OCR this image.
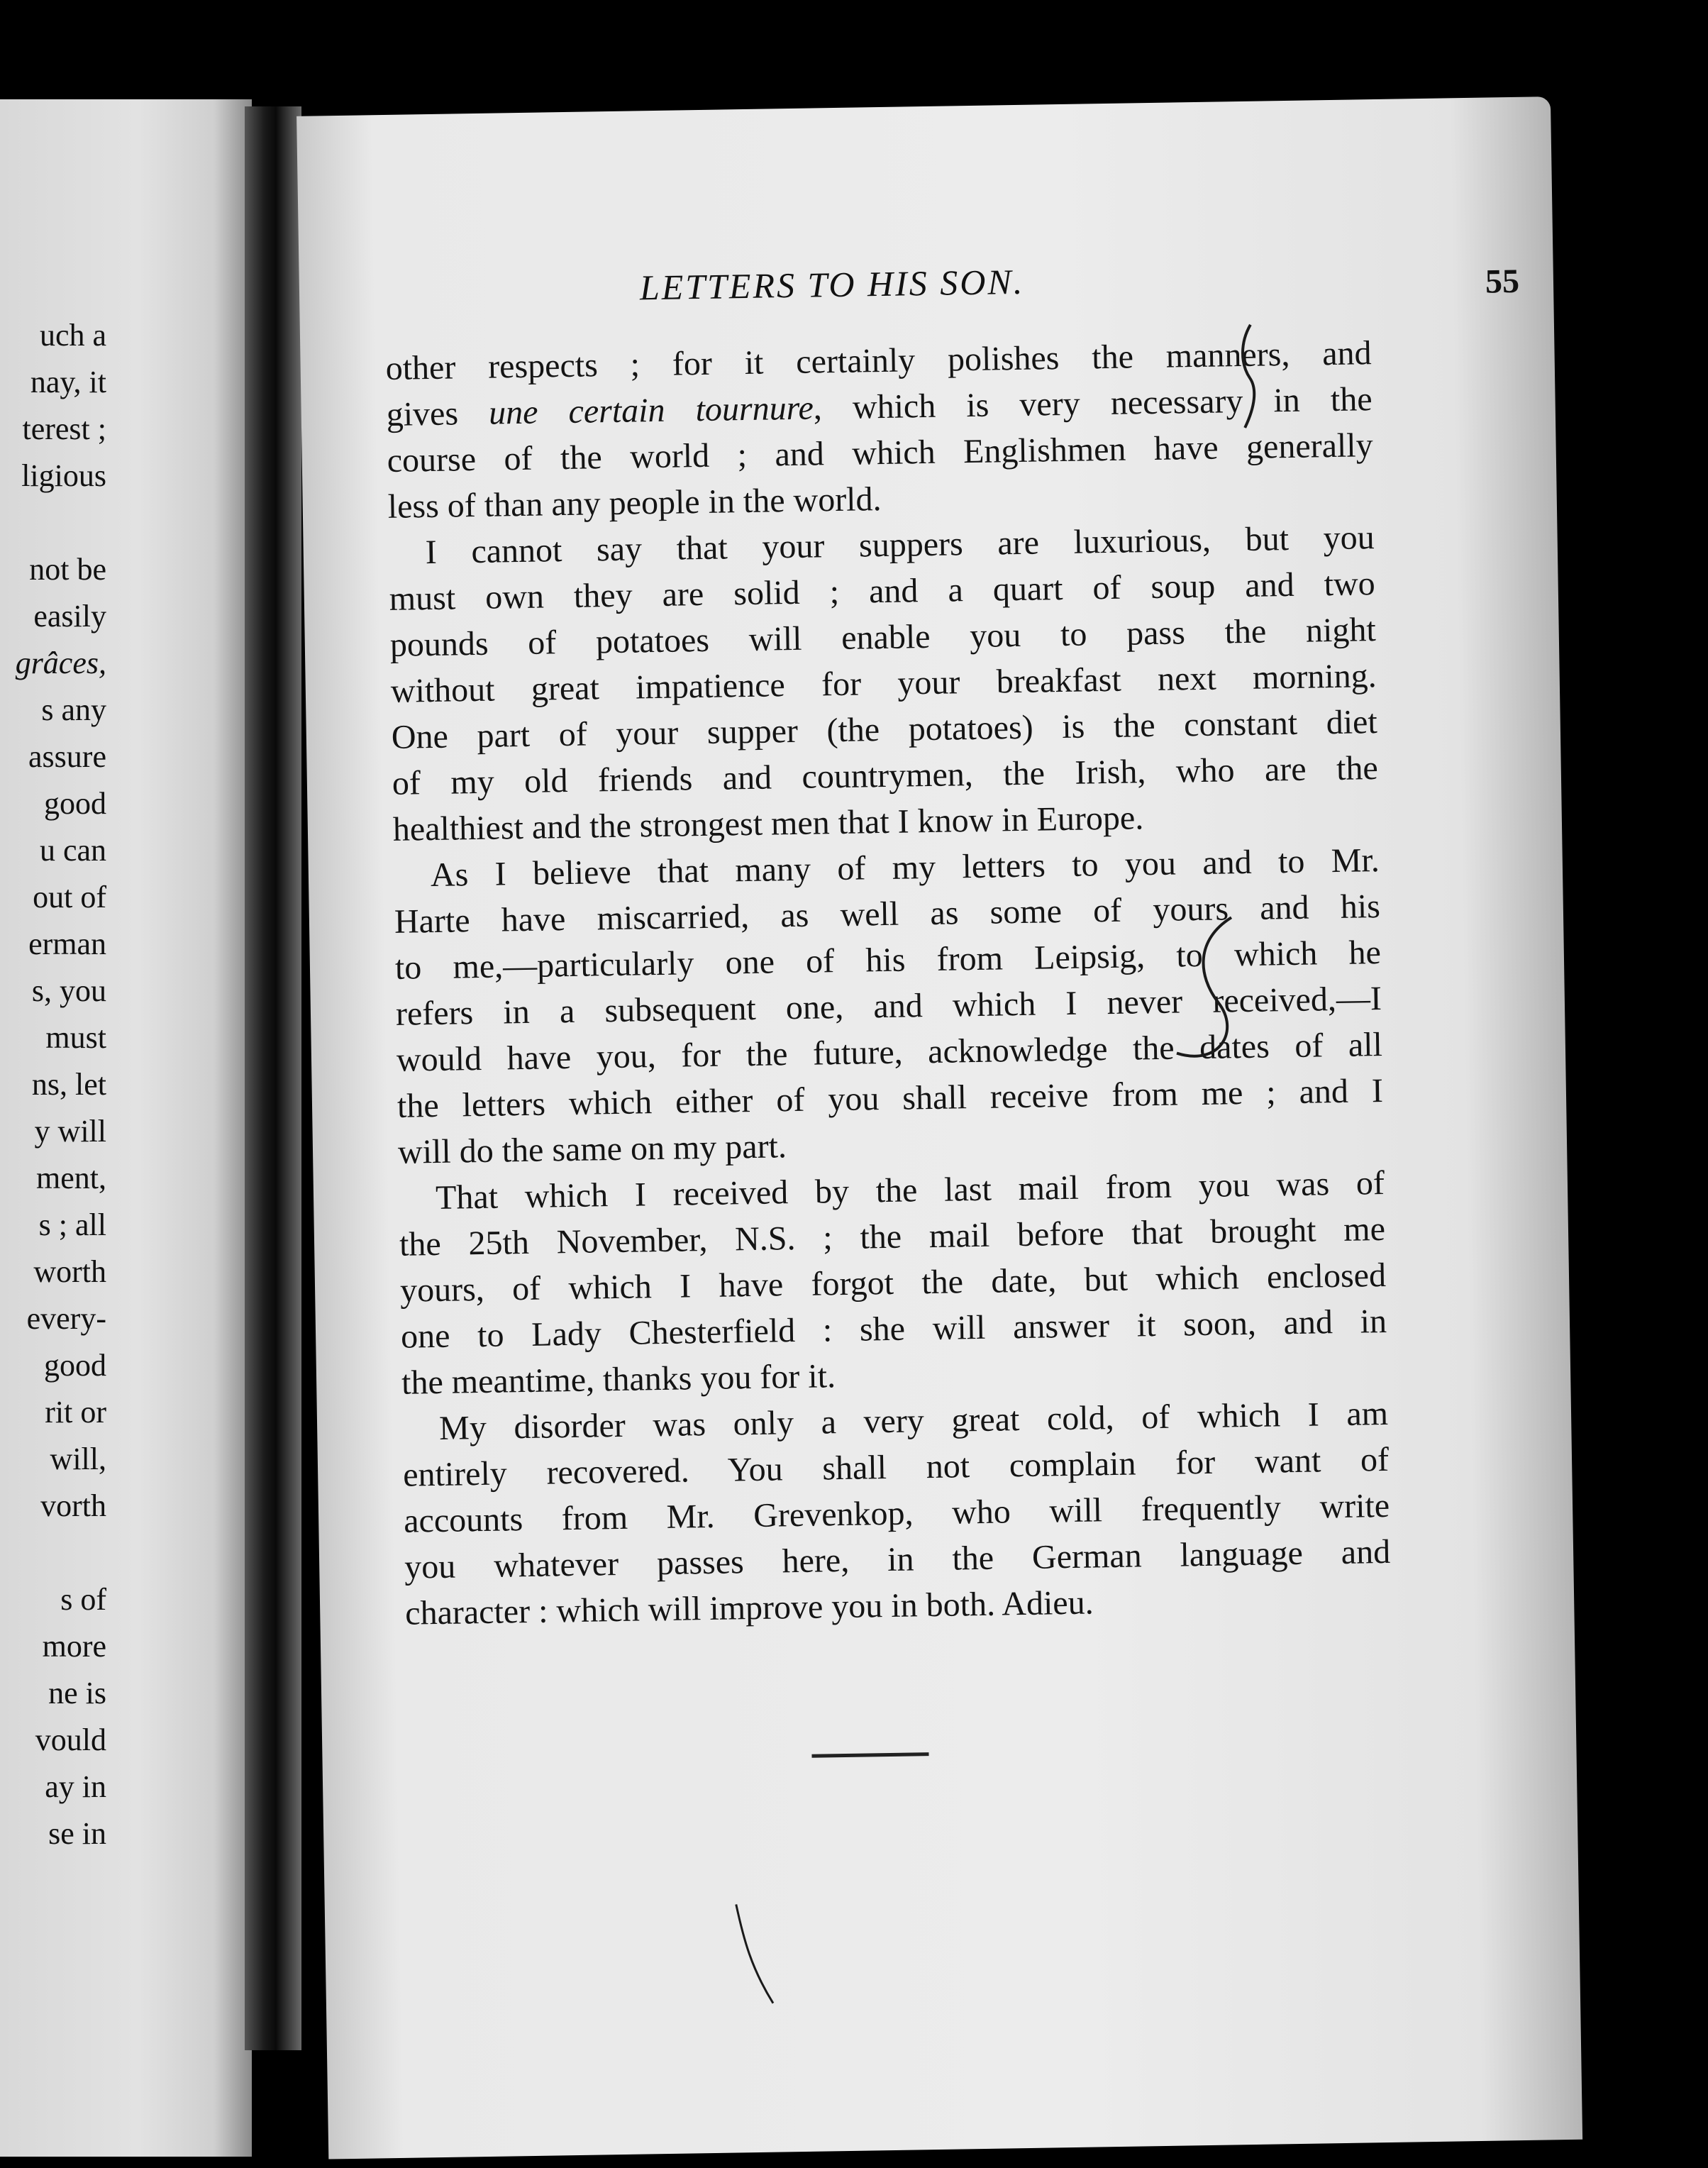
uch a
nay, it
terest ;
ligious
not be
easily
grâces,
s any
assure
good
u can
out of
erman
s, you
must
ns, let
y will
ment,
s ; all
worth
every-
good
rit or
will,
vorth
s of
more
ne is
vould
ay in
se in
LETTERS TO HIS SON.	55
other respects ; for it certainly polishes the manners, and
gives une certain tournure, which is very necessary in the
course of the world ; and which Englishmen have generally
less of than any people in the world.
I cannot say that your suppers are luxurious, but you
must own they are solid ; and a quart of soup and two
pounds of potatoes will enable you to pass the night
without great impatience for your breakfast next morning.
One part of your supper (the potatoes) is the constant diet
of my old friends and countrymen, the Irish, who are the
healthiest and the strongest men that I know in Europe.
As I believe that many of my letters to you and to Mr.
Harte have miscarried, as well as some of yours and his
to me,—particularly one of his from Leipsig, to which he
refers in a subsequent one, and which I never received,—I
would have you, for the future, acknowledge the dates of all
the letters which either of you shall receive from me ; and I
will do the same on my part.
That which I received by the last mail from you was of
the 25th November, N.S. ; the mail before that brought me
yours, of which I have forgot the date, but which enclosed
one to Lady Chesterfield : she will answer it soon, and in
the meantime, thanks you for it.
My disorder was only a very great cold, of which I am
entirely recovered. You shall not complain for want of
accounts from Mr. Grevenkop, who will frequently write
you whatever passes here, in the German language and
character : which will improve you in both. Adieu.
